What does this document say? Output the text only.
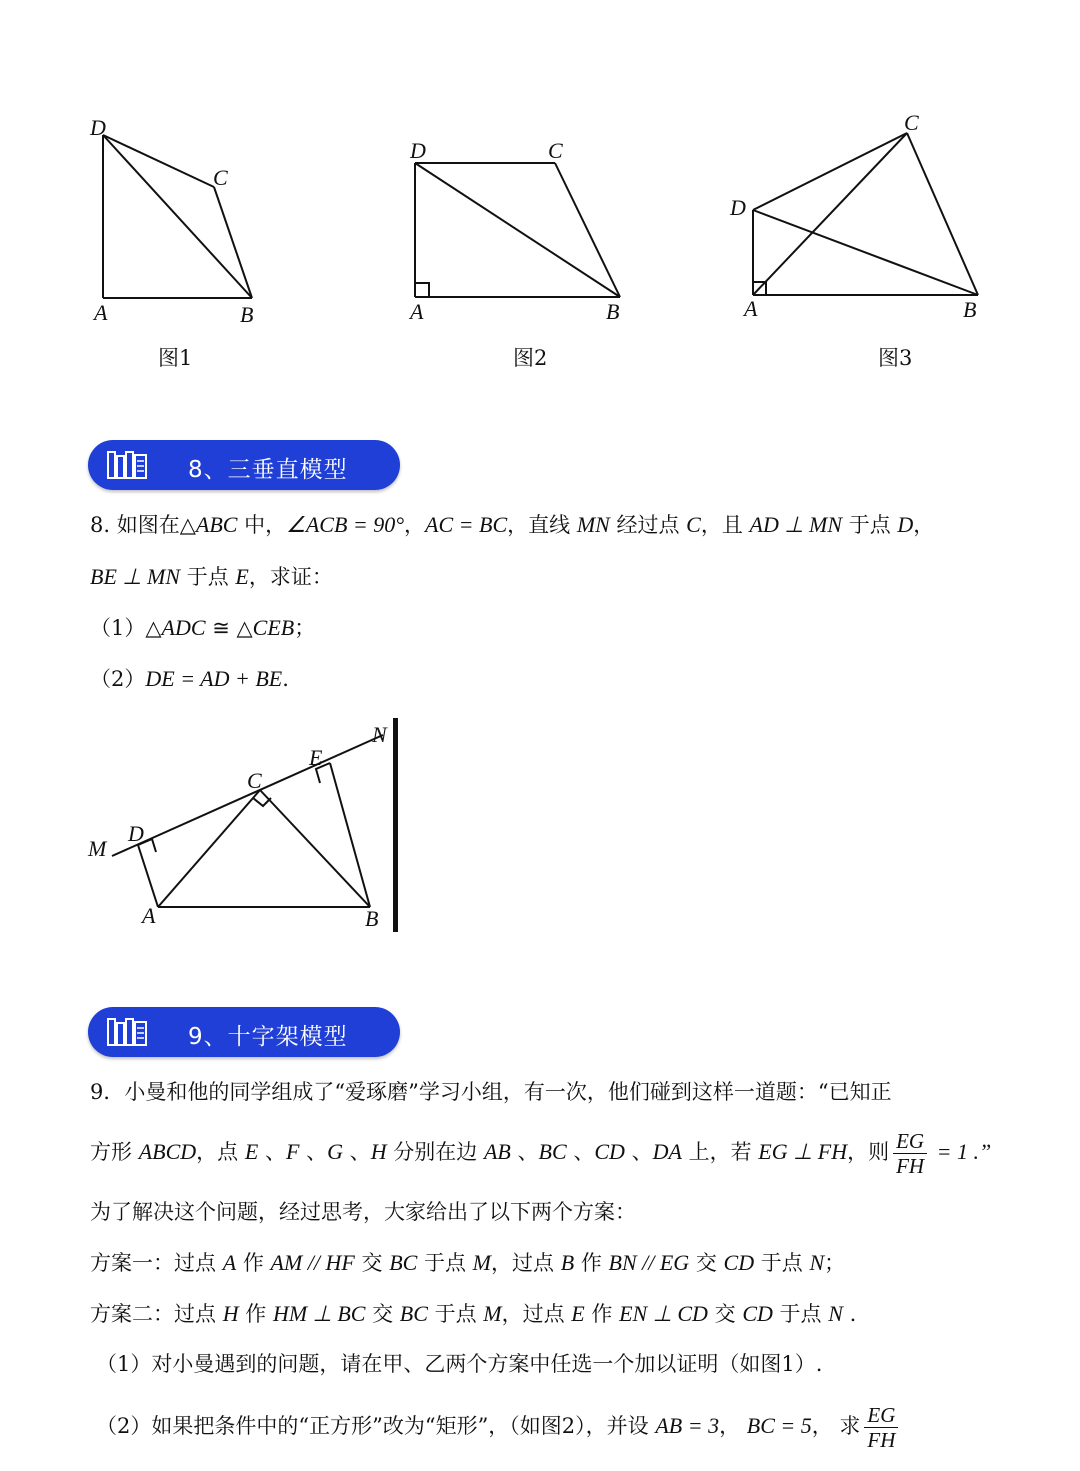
D
C
A	B
图1
D	C
A	B
图2
C
D
A	B
图3
8、三垂直模型
8. 如图在△ABC 中，∠ACB = 90°，AC = BC，直线 MN 经过点 C，且 AD ⊥ MN 于点 D，
BE ⊥ MN 于点 E，求证：
（1）△ADC ≅ △CEB；
（2）DE = AD + BE.
N
E
C
D
M
A	B
9、十字架模型
9．小曼和他的同学组成了“爱琢磨”学习小组，有一次，他们碰到这样一道题：“已知正
方形 ABCD，点 E 、F 、G 、H 分别在边 AB 、BC 、CD 、DA 上，若 EG ⊥ FH，则 $\frac{EG}{FH} = 1$ .”
为了解决这个问题，经过思考，大家给出了以下两个方案：
方案一：过点 A 作 AM // HF 交 BC 于点 M，过点 B 作 BN // EG 交 CD 于点 N；
方案二：过点 H 作 HM ⊥ BC 交 BC 于点 M，过点 E 作 EN ⊥ CD 交 CD 于点 N .
（1）对小曼遇到的问题，请在甲、乙两个方案中任选一个加以证明（如图1）.
（2）如果把条件中的“正方形”改为“矩形”，（如图2），并设 AB = 3， BC = 5， 求 $\frac{EG}{FH}$
